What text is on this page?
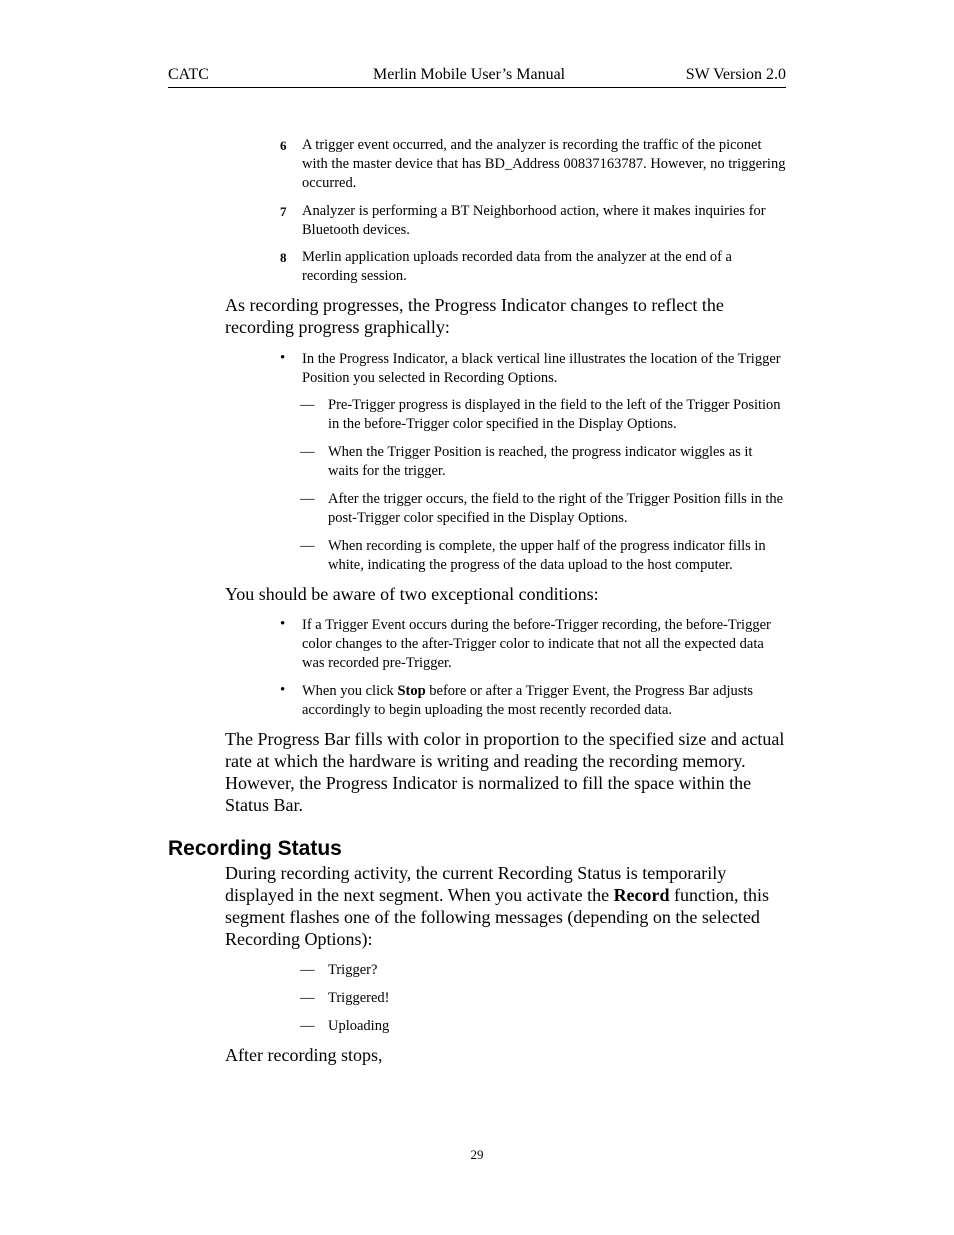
CATC	Merlin Mobile User’s Manual	SW Version 2.0
6 A trigger event occurred, and the analyzer is recording the traffic of the piconet with the master device that has BD_Address 00837163787. However, no triggering occurred.
7 Analyzer is performing a BT Neighborhood action, where it makes inquiries for Bluetooth devices.
8 Merlin application uploads recorded data from the analyzer at the end of a recording session.
As recording progresses, the Progress Indicator changes to reflect the recording progress graphically:
• In the Progress Indicator, a black vertical line illustrates the location of the Trigger Position you selected in Recording Options.
— Pre-Trigger progress is displayed in the field to the left of the Trigger Position in the before-Trigger color specified in the Display Options.
— When the Trigger Position is reached, the progress indicator wiggles as it waits for the trigger.
— After the trigger occurs, the field to the right of the Trigger Position fills in the post-Trigger color specified in the Display Options.
— When recording is complete, the upper half of the progress indicator fills in white, indicating the progress of the data upload to the host computer.
You should be aware of two exceptional conditions:
• If a Trigger Event occurs during the before-Trigger recording, the before-Trigger color changes to the after-Trigger color to indicate that not all the expected data was recorded pre-Trigger.
• When you click Stop before or after a Trigger Event, the Progress Bar adjusts accordingly to begin uploading the most recently recorded data.
The Progress Bar fills with color in proportion to the specified size and actual rate at which the hardware is writing and reading the recording memory. However, the Progress Indicator is normalized to fill the space within the Status Bar.
Recording Status
During recording activity, the current Recording Status is temporarily displayed in the next segment. When you activate the Record function, this segment flashes one of the following messages (depending on the selected Recording Options):
— Trigger?
— Triggered!
— Uploading
After recording stops,
29
